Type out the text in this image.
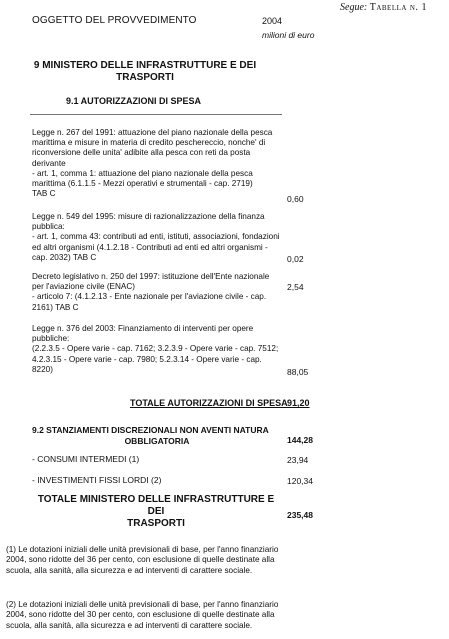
Segue: Tabella n. 1
OGGETTO DEL PROVVEDIMENTO	2004
milioni di euro
9 MINISTERO DELLE INFRASTRUTTURE E DEI
TRASPORTI
9.1 AUTORIZZAZIONI DI SPESA
Legge n. 267 del 1991: attuazione del piano nazionale della pesca marittima e misure in materia di credito peschereccio, nonche' di riconversione delle unita' adibite alla pesca con reti da posta derivante
- art. 1, comma 1: attuazione del piano nazionale della pesca marittima (6.1.1.5 - Mezzi operativi e strumentali - cap. 2719)
TAB C
0,60
Legge n. 549 del 1995: misure di razionalizzazione della finanza pubblica:
- art. 1, comma 43: contributi ad enti, istituti, associazioni, fondazioni ed altri organismi (4.1.2.18 - Contributi ad enti ed altri organismi - cap. 2032) TAB C	0,02
Decreto legislativo n. 250 del 1997: istituzione dell'Ente nazionale per l'aviazione civile (ENAC)
- articolo 7: (4.1.2.13 - Ente nazionale per l'aviazione civile - cap. 2161) TAB C
2,54
Legge n. 376 del 2003: Finanziamento di interventi per opere pubbliche:
(2.2.3.5 - Opere varie - cap. 7162; 3.2.3.9 - Opere varie - cap. 7512; 4.2.3.15 - Opere varie - cap. 7980; 5.2.3.14 - Opere varie - cap. 8220)	88,05
TOTALE AUTORIZZAZIONI DI SPESA 91,20
9.2 STANZIAMENTI DISCREZIONALI NON AVENTI NATURA
OBBLIGATORIA	144,28
- CONSUMI INTERMEDI (1)	23,94
- INVESTIMENTI FISSI LORDI (2)	120,34
TOTALE MINISTERO DELLE INFRASTRUTTURE E DEI
TRASPORTI
235,48
(1) Le dotazioni iniziali delle unità previsionali di base, per l'anno finanziario 2004, sono ridotte del 36 per cento, con esclusione di quelle destinate alla scuola, alla sanità, alla sicurezza e ad interventi di carattere sociale.
(2) Le dotazioni iniziali delle unità previsionali di base, per l'anno finanziario 2004, sono ridotte del 30 per cento, con esclusione di quelle destinate alla scuola, alla sanità, alla sicurezza e ad interventi di carattere sociale.
